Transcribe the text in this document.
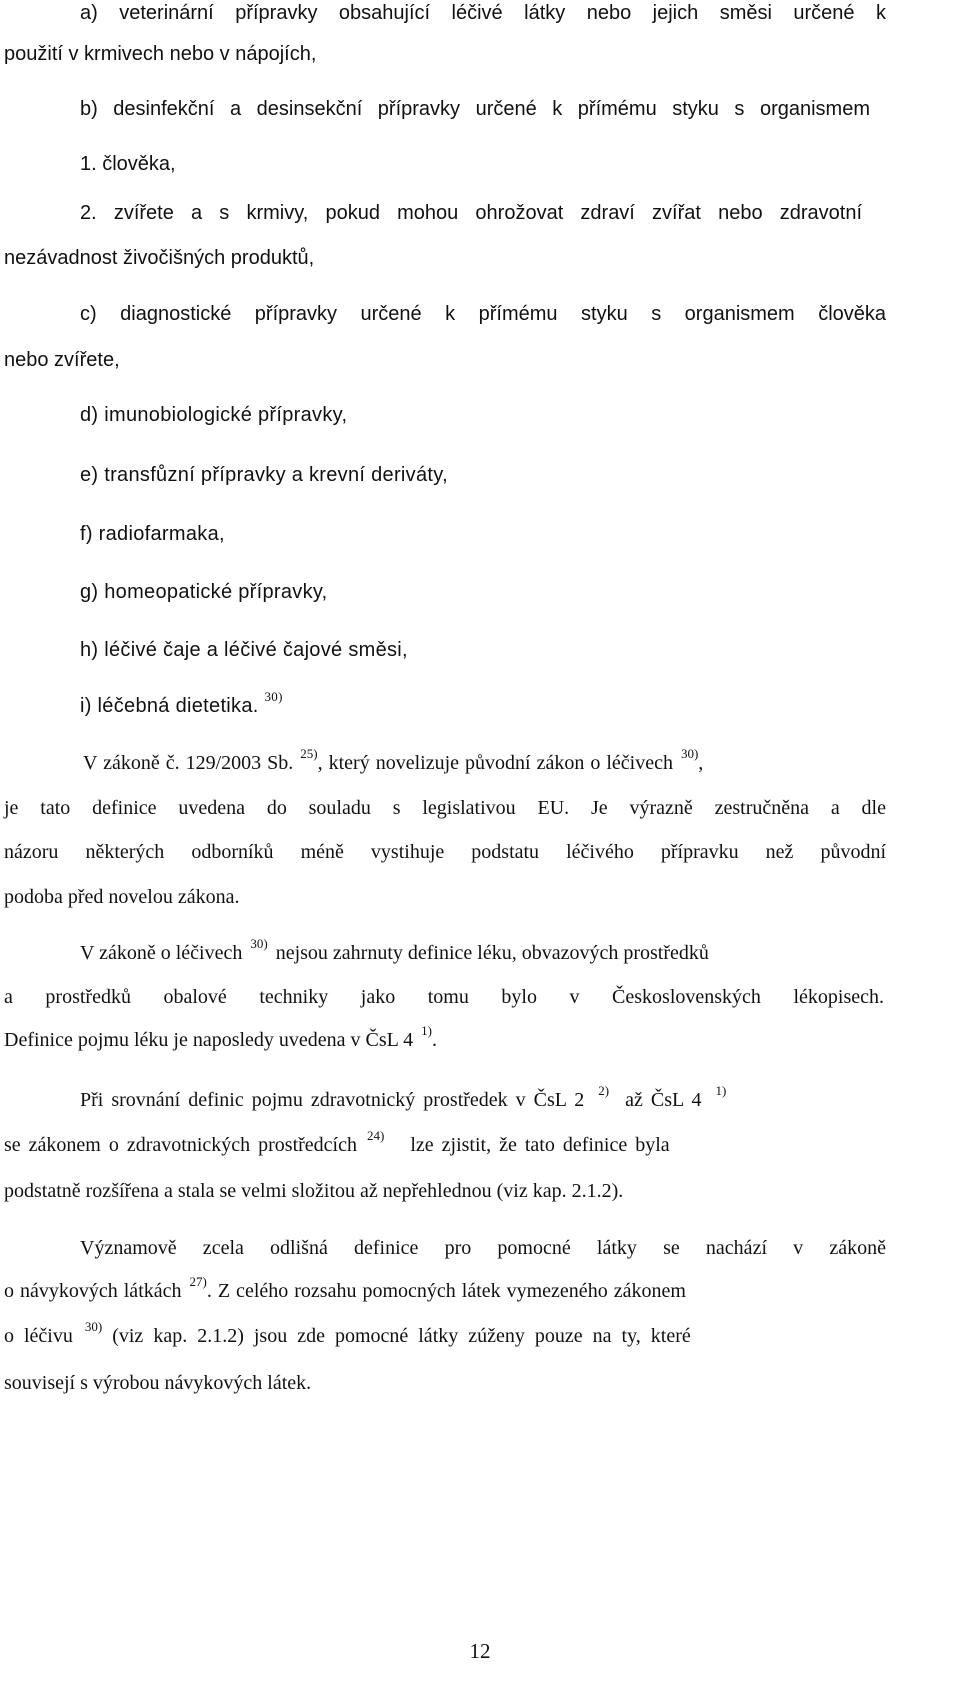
a) veterinární přípravky obsahující léčivé látky nebo jejich směsi určené k
použití v krmivech nebo v nápojích,
b) desinfekční a desinsekční přípravky určené k přímému styku s organismem
1. člověka,
2. zvířete a s krmivy, pokud mohou ohrožovat zdraví zvířat nebo zdravotní
nezávadnost živočišných produktů,
c) diagnostické přípravky určené k přímému styku s organismem člověka
nebo zvířete,
d) imunobiologické přípravky,
e) transfůzní přípravky a krevní deriváty,
f) radiofarmaka,
g) homeopatické přípravky,
h) léčivé čaje a léčivé čajové směsi,
i) léčebná dietetika. $^{30)}$
V zákoně č. 129/2003 Sb. $^{25)}$, který novelizuje původní zákon o léčivech $^{30)}$,
je tato definice uvedena do souladu s legislativou EU. Je výrazně zestručněna a dle
názoru některých odborníků méně vystihuje podstatu léčivého přípravku než původní
podoba před novelou zákona.
V zákoně o léčivech $^{30)}$ nejsou zahrnuty definice léku, obvazových prostředků
a prostředků obalové techniky jako tomu bylo v Československých lékopisech.
Definice pojmu léku je naposledy uvedena v ČsL 4 $^{1)}$.
Při srovnání definic pojmu zdravotnický prostředek v ČsL 2 $^{2)}$ až ČsL 4 $^{1)}$
se zákonem o zdravotnických prostředcích $^{24)}$ lze zjistit, že tato definice byla
podstatně rozšířena a stala se velmi složitou až nepřehlednou (viz kap. 2.1.2).
Významově zcela odlišná definice pro pomocné látky se nachází v zákoně
o návykových látkách $^{27)}$. Z celého rozsahu pomocných látek vymezeného zákonem
o léčivu $^{30)}$ (viz kap. 2.1.2) jsou zde pomocné látky zúženy pouze na ty, které
souvisejí s výrobou návykových látek.
12
